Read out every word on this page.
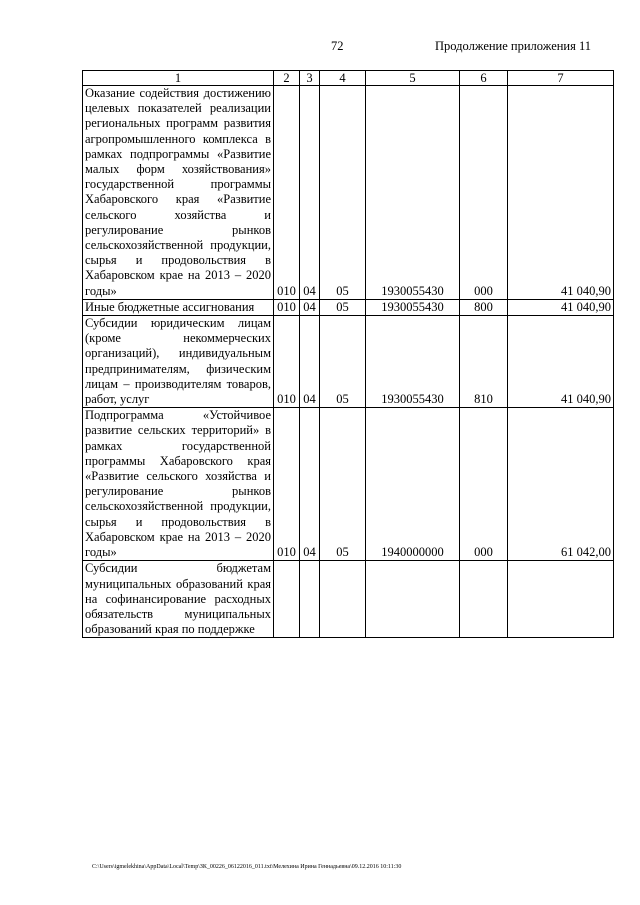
72	Продолжение приложения 11
1	2	3	4	5	6	7
Оказание содействия достижению целевых показателей реализации региональных программ развития агропромышленного комплекса в рамках подпрограммы «Развитие малых форм хозяйствования» государственной программы Хабаровского края «Развитие сельского хозяйства и регулирование рынков сельскохозяйственной продукции, сырья и продовольствия в Хабаровском крае на 2013 – 2020 годы»	010	04	05	1930055430	000	41 040,90
Иные бюджетные ассигнования	010	04	05	1930055430	800	41 040,90
Субсидии юридическим лицам (кроме некоммерческих организаций), индивидуальным предпринимателям, физическим лицам – производителям товаров, работ, услуг	010	04	05	1930055430	810	41 040,90
Подпрограмма «Устойчивое развитие сельских территорий» в рамках государственной программы Хабаровского края «Развитие сельского хозяйства и регулирование рынков сельскохозяйственной продукции, сырья и продовольствия в Хабаровском крае на 2013 – 2020 годы»	010	04	05	1940000000	000	61 042,00
Субсидии бюджетам муниципальных образований края на софинансирование расходных обязательств муниципальных образований края по поддержке						
C:\Users\igmelekhina\AppData\Local\Temp\ЗК_00226_06122016_011.txt\Мелехина Ирина Геннадьевна\09.12.2016 10:11:30
